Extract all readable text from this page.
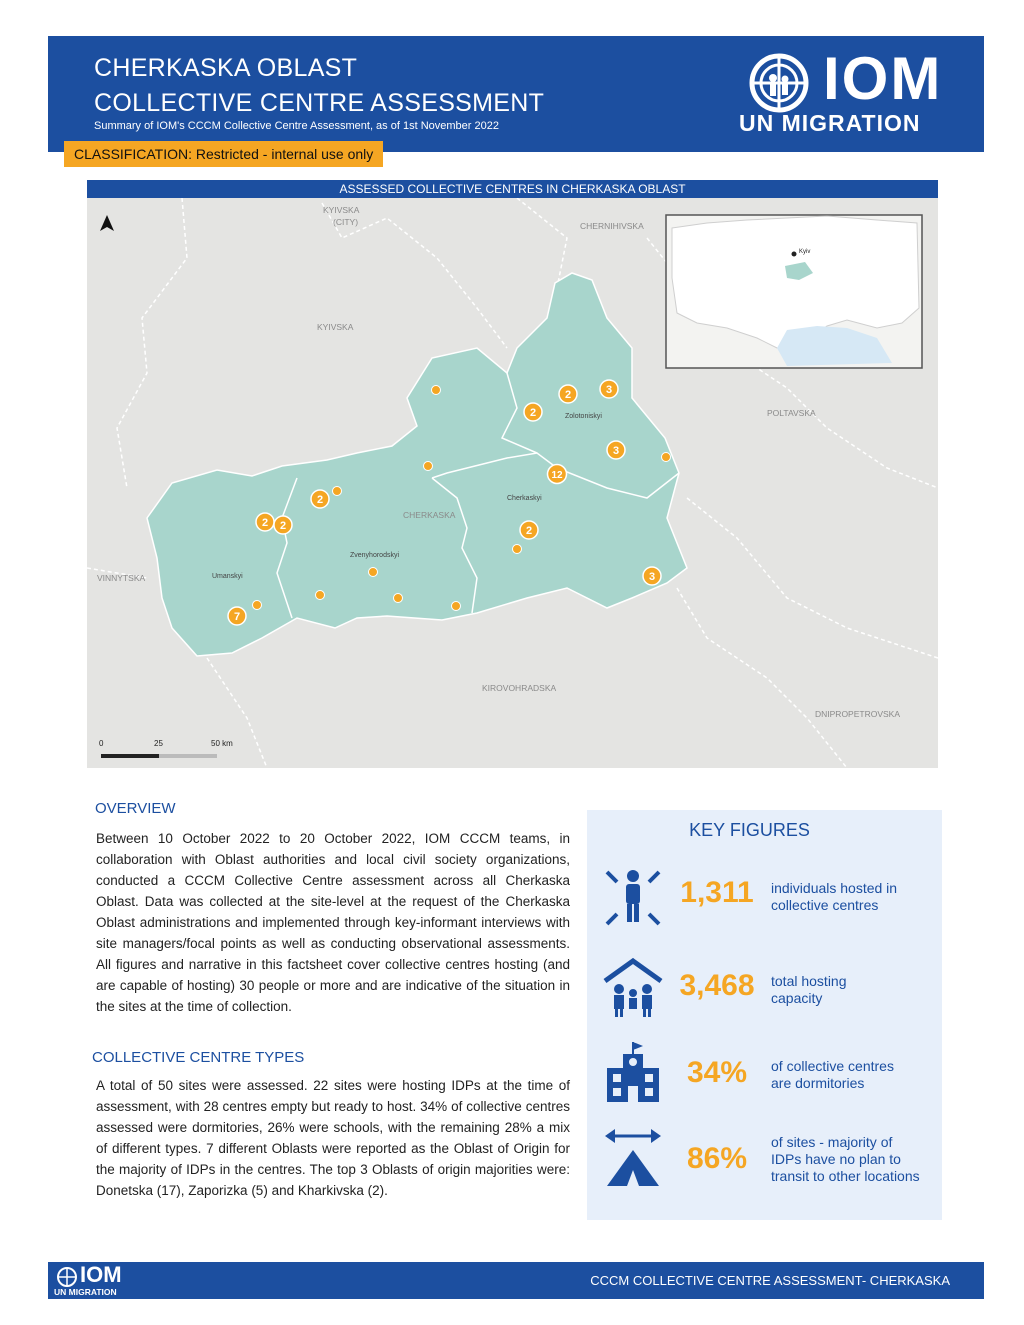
CHERKASKA OBLAST
COLLECTIVE CENTRE ASSESSMENT
Summary of IOM's CCCM Collective Centre Assessment, as of 1st November 2022
IOM
UN MIGRATION
CLASSIFICATION: Restricted - internal use only
ASSESSED COLLECTIVE CENTRES IN CHERKASKA OBLAST
Kyiv
KYIVSKA
(CITY)	CHERNIHIVSKA
KYIVSKA
POLTAVSKA
CHERKASKA
VINNYTSKA
KIROVOHRADSKA
DNIPROPETROVSKA
Zolotoniskyi
Cherkaskyi
Zvenyhorodskyi
Umanskyi
2	3
2
3
12
2
2 2
7
3
2
0	25	50 km
OVERVIEW
Between 10 October 2022 to 20 October 2022, IOM CCCM teams, in collaboration with Oblast authorities and local civil society organizations, conducted a CCCM Collective Centre assessment across all Cherkaska Oblast. Data was collected at the site-level at the request of the Cherkaska Oblast administrations and implemented through key-informant interviews with site managers/focal points as well as conducting observational assessments. All figures and narrative in this factsheet cover collective centres hosting (and are capable of hosting) 30 people or more and are indicative of the situation in the sites at the time of collection.
COLLECTIVE CENTRE TYPES
A total of 50 sites were assessed. 22 sites were hosting IDPs at the time of assessment, with 28 centres empty but ready to host. 34% of collective centres assessed were dormitories, 26% were schools, with the remaining 28% a mix of different types. 7 different Oblasts were reported as the Oblast of Origin for the majority of IDPs in the centres. The top 3 Oblasts of origin majorities were: Donetska (17), Zaporizka (5) and Kharkivska (2).
KEY FIGURES
1,311	individuals hosted in
collective centres
3,468	total hosting
capacity
34%	of collective centres
are dormitories
86%	of sites - majority of
IDPs have no plan to
transit to other locations
IOM
UN MIGRATION
CCCM COLLECTIVE CENTRE ASSESSMENT- CHERKASKA
